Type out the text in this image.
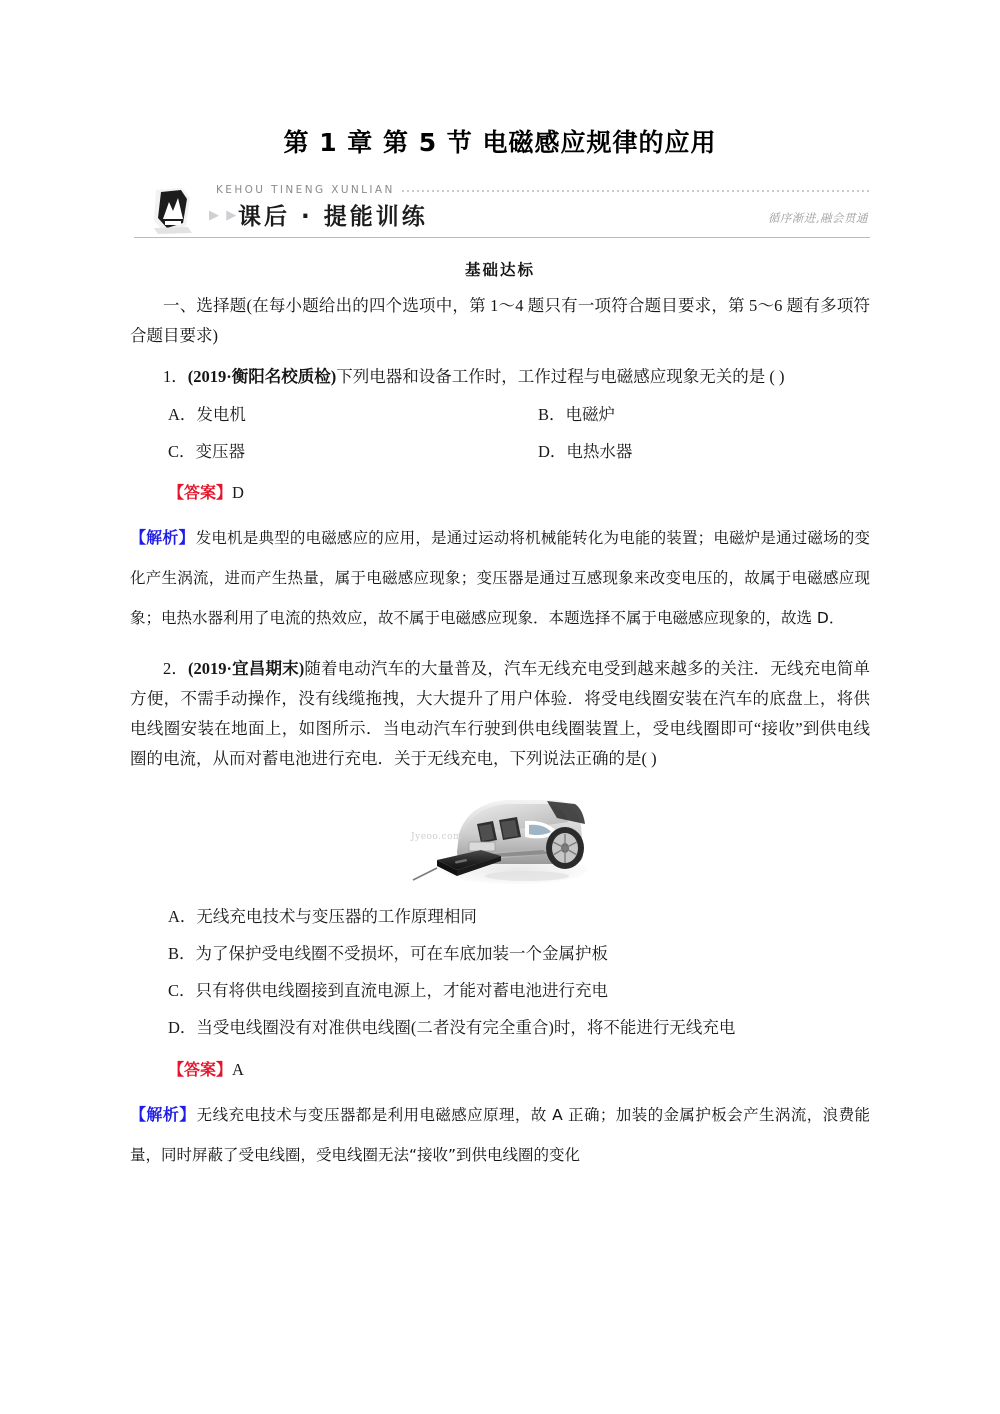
第 1 章 第 5 节 电磁感应规律的应用
KEHOU TINENG XUNLIAN
▶ ▶ 课后 · 提能训练	循序渐进,融会贯通
基础达标

一、选择题(在每小题给出的四个选项中，第 1～4 题只有一项符合题目要求，第 5～6 题有多项符合题目要求)

1．(2019·衡阳名校质检)下列电器和设备工作时，工作过程与电磁感应现象无关的是 ( )

A．发电机	B．电磁炉
C．变压器	D．电热水器
【答案】D

【解析】发电机是典型的电磁感应的应用，是通过运动将机械能转化为电能的装置；电磁炉是通过磁场的变化产生涡流，进而产生热量，属于电磁感应现象；变压器是通过互感现象来改变电压的，故属于电磁感应现象；电热水器利用了电流的热效应，故不属于电磁感应现象．本题选择不属于电磁感应现象的，故选 D．

2．(2019·宜昌期末)随着电动汽车的大量普及，汽车无线充电受到越来越多的关注．无线充电简单方便，不需手动操作，没有线缆拖拽，大大提升了用户体验．将受电线圈安装在汽车的底盘上，将供电线圈安装在地面上，如图所示．当电动汽车行驶到供电线圈装置上，受电线圈即可“接收”到供电线圈的电流，从而对蓄电池进行充电．关于无线充电，下列说法正确的是( )

Jyeoo.com
A．无线充电技术与变压器的工作原理相同
B．为了保护受电线圈不受损坏，可在车底加装一个金属护板
C．只有将供电线圈接到直流电源上，才能对蓄电池进行充电
D．当受电线圈没有对准供电线圈(二者没有完全重合)时，将不能进行无线充电
【答案】A

【解析】无线充电技术与变压器都是利用电磁感应原理，故 A 正确；加装的金属护板会产生涡流，浪费能量，同时屏蔽了受电线圈，受电线圈无法“接收”到供电线圈的变化
